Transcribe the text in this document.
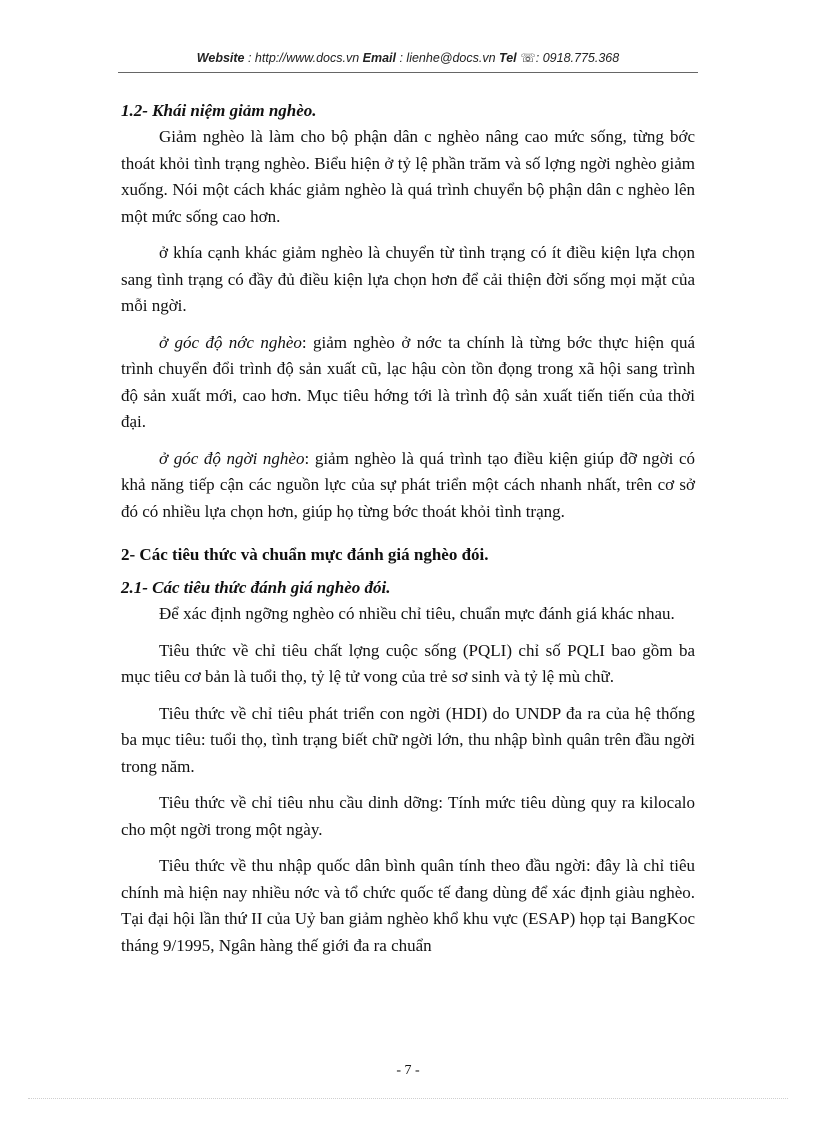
Website : http://www.docs.vn Email : lienhe@docs.vn Tel ☏: 0918.775.368
1.2- Khái niệm giảm nghèo.

Giảm nghèo là làm cho bộ phận dân c nghèo nâng cao mức sống, từng bớc thoát khỏi tình trạng nghèo. Biểu hiện ở tỷ lệ phần trăm và số lợng ngời nghèo giảm xuống. Nói một cách khác giảm nghèo là quá trình chuyển bộ phận dân c nghèo lên một mức sống cao hơn.

ở khía cạnh khác giảm nghèo là chuyển từ tình trạng có ít điều kiện lựa chọn sang tình trạng có đầy đủ điều kiện lựa chọn hơn để cải thiện đời sống mọi mặt của mỗi ngời.

ở góc độ nớc nghèo: giảm nghèo ở nớc ta chính là từng bớc thực hiện quá trình chuyển đổi trình độ sản xuất cũ, lạc hậu còn tồn đọng trong xã hội sang trình độ sản xuất mới, cao hơn. Mục tiêu hớng tới là trình độ sản xuất tiến tiến của thời đại.

ở góc độ ngời nghèo: giảm nghèo là quá trình tạo điều kiện giúp đỡ ngời có khả năng tiếp cận các nguồn lực của sự phát triển một cách nhanh nhất, trên cơ sở đó có nhiều lựa chọn hơn, giúp họ từng bớc thoát khỏi tình trạng.

2- Các tiêu thức và chuẩn mực đánh giá nghèo đói.
2.1- Các tiêu thức đánh giá nghèo đói.

Để xác định ngỡng nghèo có nhiều chỉ tiêu, chuẩn mực đánh giá khác nhau.

Tiêu thức về chỉ tiêu chất lợng cuộc sống (PQLI) chỉ số PQLI bao gồm ba mục tiêu cơ bản là tuổi thọ, tỷ lệ tử vong của trẻ sơ sinh và tỷ lệ mù chữ.

Tiêu thức về chỉ tiêu phát triển con ngời (HDI) do UNDP đa ra của hệ thống ba mục tiêu: tuổi thọ, tình trạng biết chữ ngời lớn, thu nhập bình quân trên đầu ngời trong năm.

Tiêu thức về chỉ tiêu nhu cầu dinh dỡng: Tính mức tiêu dùng quy ra kilocalo cho một ngời trong một ngày.

Tiêu thức về thu nhập quốc dân bình quân tính theo đầu ngời: đây là chỉ tiêu chính mà hiện nay nhiều nớc và tổ chức quốc tế đang dùng để xác định giàu nghèo. Tại đại hội lần thứ II của Uỷ ban giảm nghèo khổ khu vực (ESAP) họp tại BangKoc tháng 9/1995, Ngân hàng thế giới đa ra chuẩn

- 7 -
